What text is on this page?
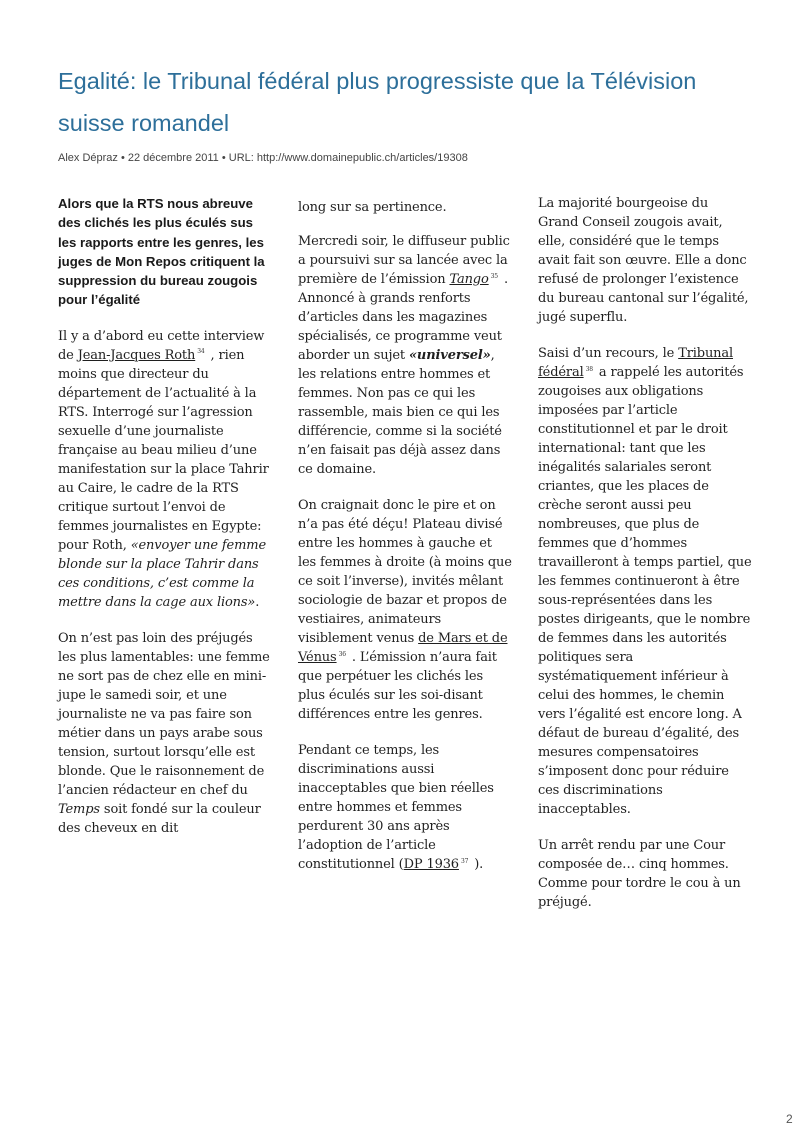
Egalité: le Tribunal fédéral plus progressiste que la Télévision suisse romandel

Alex Dépraz • 22 décembre 2011 • URL: http://www.domainepublic.ch/articles/19308

Alors que la RTS nous abreuve des clichés les plus éculés sus les rapports entre les genres, les juges de Mon Repos critiquent la suppression du bureau zougois pour l’égalité

Il y a d’abord eu cette interview de Jean-Jacques Roth $^{34}$ , rien moins que directeur du département de l’actualité à la RTS. Interrogé sur l’agression sexuelle d’une journaliste française au beau milieu d’une manifestation sur la place Tahrir au Caire, le cadre de la RTS critique surtout l’envoi de femmes journalistes en Egypte: pour Roth, «envoyer une femme blonde sur la place Tahrir dans ces conditions, c’est comme la mettre dans la cage aux lions».

On n’est pas loin des préjugés les plus lamentables: une femme ne sort pas de chez elle en mini-jupe le samedi soir, et une journaliste ne va pas faire son métier dans un pays arabe sous tension, surtout lorsqu’elle est blonde. Que le raisonnement de l’ancien rédacteur en chef du Temps soit fondé sur la couleur des cheveux en dit

long sur sa pertinence.

Mercredi soir, le diffuseur public a poursuivi sur sa lancée avec la première de l’émission Tango $^{35}$ . Annoncé à grands renforts d’articles dans les magazines spécialisés, ce programme veut aborder un sujet «universel», les relations entre hommes et femmes. Non pas ce qui les rassemble, mais bien ce qui les différencie, comme si la société n’en faisait pas déjà assez dans ce domaine.

On craignait donc le pire et on n’a pas été déçu! Plateau divisé entre les hommes à gauche et les femmes à droite (à moins que ce soit l’inverse), invités mêlant sociologie de bazar et propos de vestiaires, animateurs visiblement venus de Mars et de Vénus $^{36}$ . L’émission n’aura fait que perpétuer les clichés les plus éculés sur les soi-disant différences entre les genres.

Pendant ce temps, les discriminations aussi inacceptables que bien réelles entre hommes et femmes perdurent 30 ans après l’adoption de l’article constitutionnel (DP 1936 $^{37}$ ).

La majorité bourgeoise du Grand Conseil zougois avait, elle, considéré que le temps avait fait son œuvre. Elle a donc refusé de prolonger l’existence du bureau cantonal sur l’égalité, jugé superflu.

Saisi d’un recours, le Tribunal fédéral $^{38}$ a rappelé les autorités zougoises aux obligations imposées par l’article constitutionnel et par le droit international: tant que les inégalités salariales seront criantes, que les places de crèche seront aussi peu nombreuses, que plus de femmes que d’hommes travailleront à temps partiel, que les femmes continueront à être sous-représentées dans les postes dirigeants, que le nombre de femmes dans les autorités politiques sera systématiquement inférieur à celui des hommes, le chemin vers l’égalité est encore long. A défaut de bureau d’égalité, des mesures compensatoires s’imposent donc pour réduire ces discriminations inacceptables.

Un arrêt rendu par une Cour composée de… cinq hommes. Comme pour tordre le cou à un préjugé.

2
